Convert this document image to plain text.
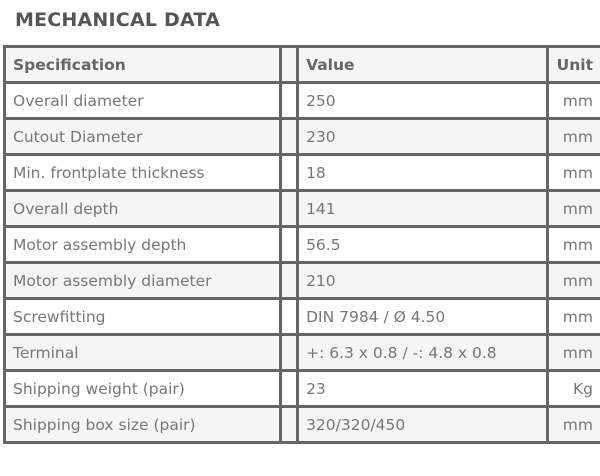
MECHANICAL DATA
Specification		Value	Unit
Overall diameter		250	mm
Cutout Diameter		230	mm
Min. frontplate thickness		18	mm
Overall depth		141	mm
Motor assembly depth		56.5	mm
Motor assembly diameter		210	mm
Screwfitting		DIN 7984 / Ø 4.50	mm
Terminal		+: 6.3 x 0.8 / -: 4.8 x 0.8	mm
Shipping weight (pair)		23	Kg
Shipping box size (pair)		320/320/450	mm
